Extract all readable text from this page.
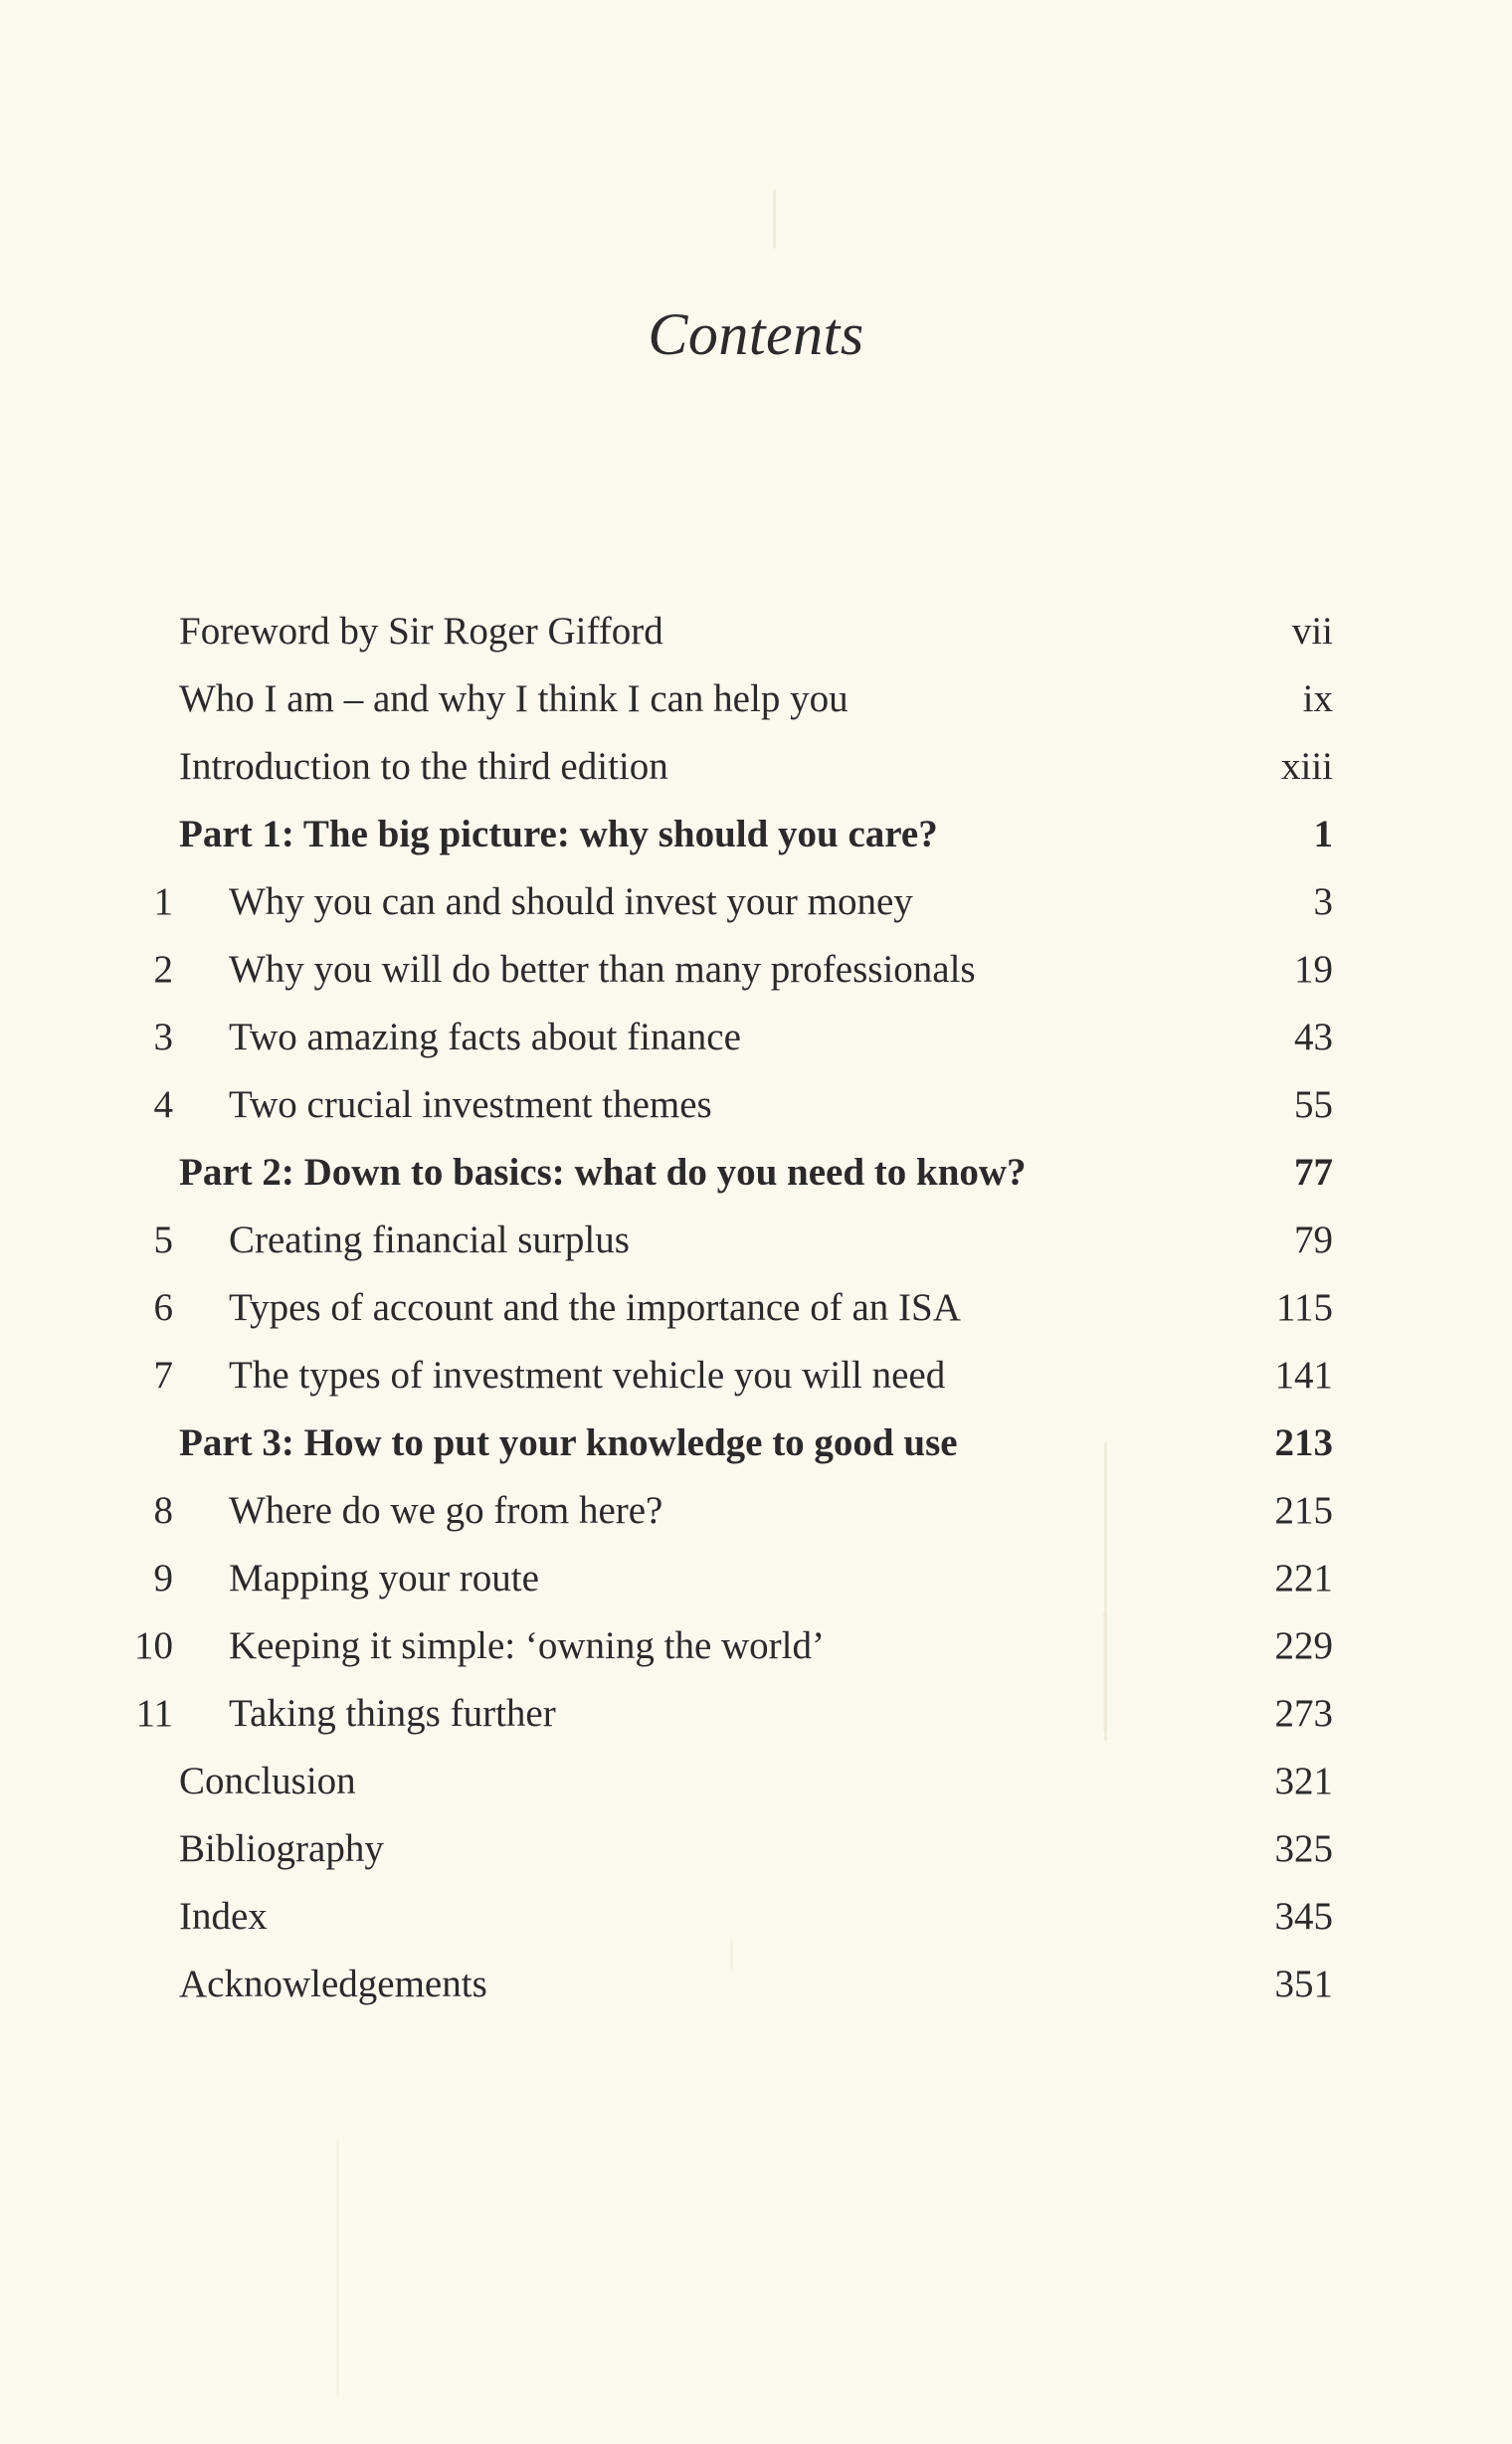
Contents
Foreword by Sir Roger Gifford	vii
Who I am – and why I think I can help you	ix
Introduction to the third edition	xiii
Part 1: The big picture: why should you care?	1
1 Why you can and should invest your money	3
2 Why you will do better than many professionals	19
3 Two amazing facts about finance	43
4 Two crucial investment themes	55
Part 2: Down to basics: what do you need to know?	77
5 Creating financial surplus	79
6 Types of account and the importance of an ISA	115
7 The types of investment vehicle you will need	141
Part 3: How to put your knowledge to good use	213
8 Where do we go from here?	215
9 Mapping your route	221
10 Keeping it simple: ‘owning the world’	229
11 Taking things further	273
Conclusion	321
Bibliography	325
Index	345
Acknowledgements	351
